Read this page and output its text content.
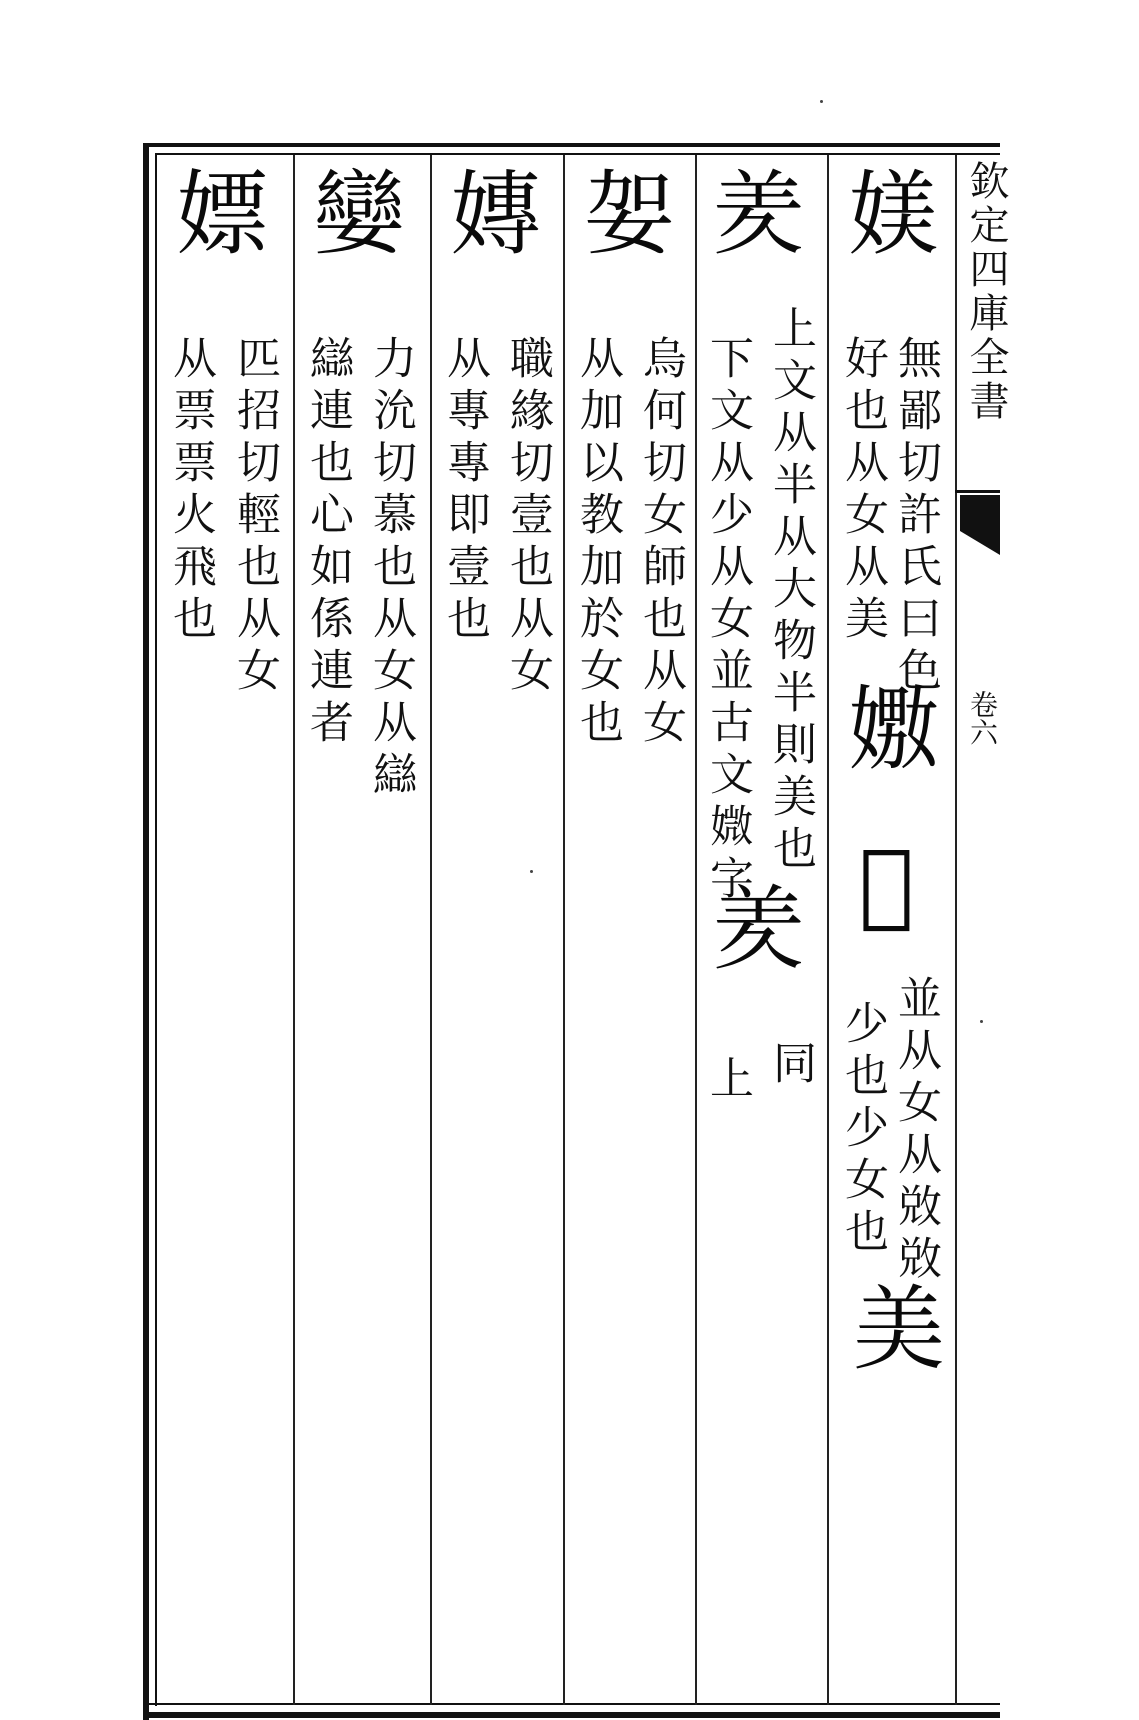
欽定四庫全書
卷六
媄
無鄙切許氏曰色
好也从女从美
嫐
𡟊
並从女从敚敚
少也少女也
美
羑
上文从半从大物半則美也
下文从少从女並古文媺字
羑
同
上
妿
烏何切女師也从女
从加以教加於女也
嫥
職緣切壹也从女
从專專即壹也
孌
力沇切慕也从女从䜌
䜌連也心如係連者
嫖
匹招切輕也从女
从票票火飛也
